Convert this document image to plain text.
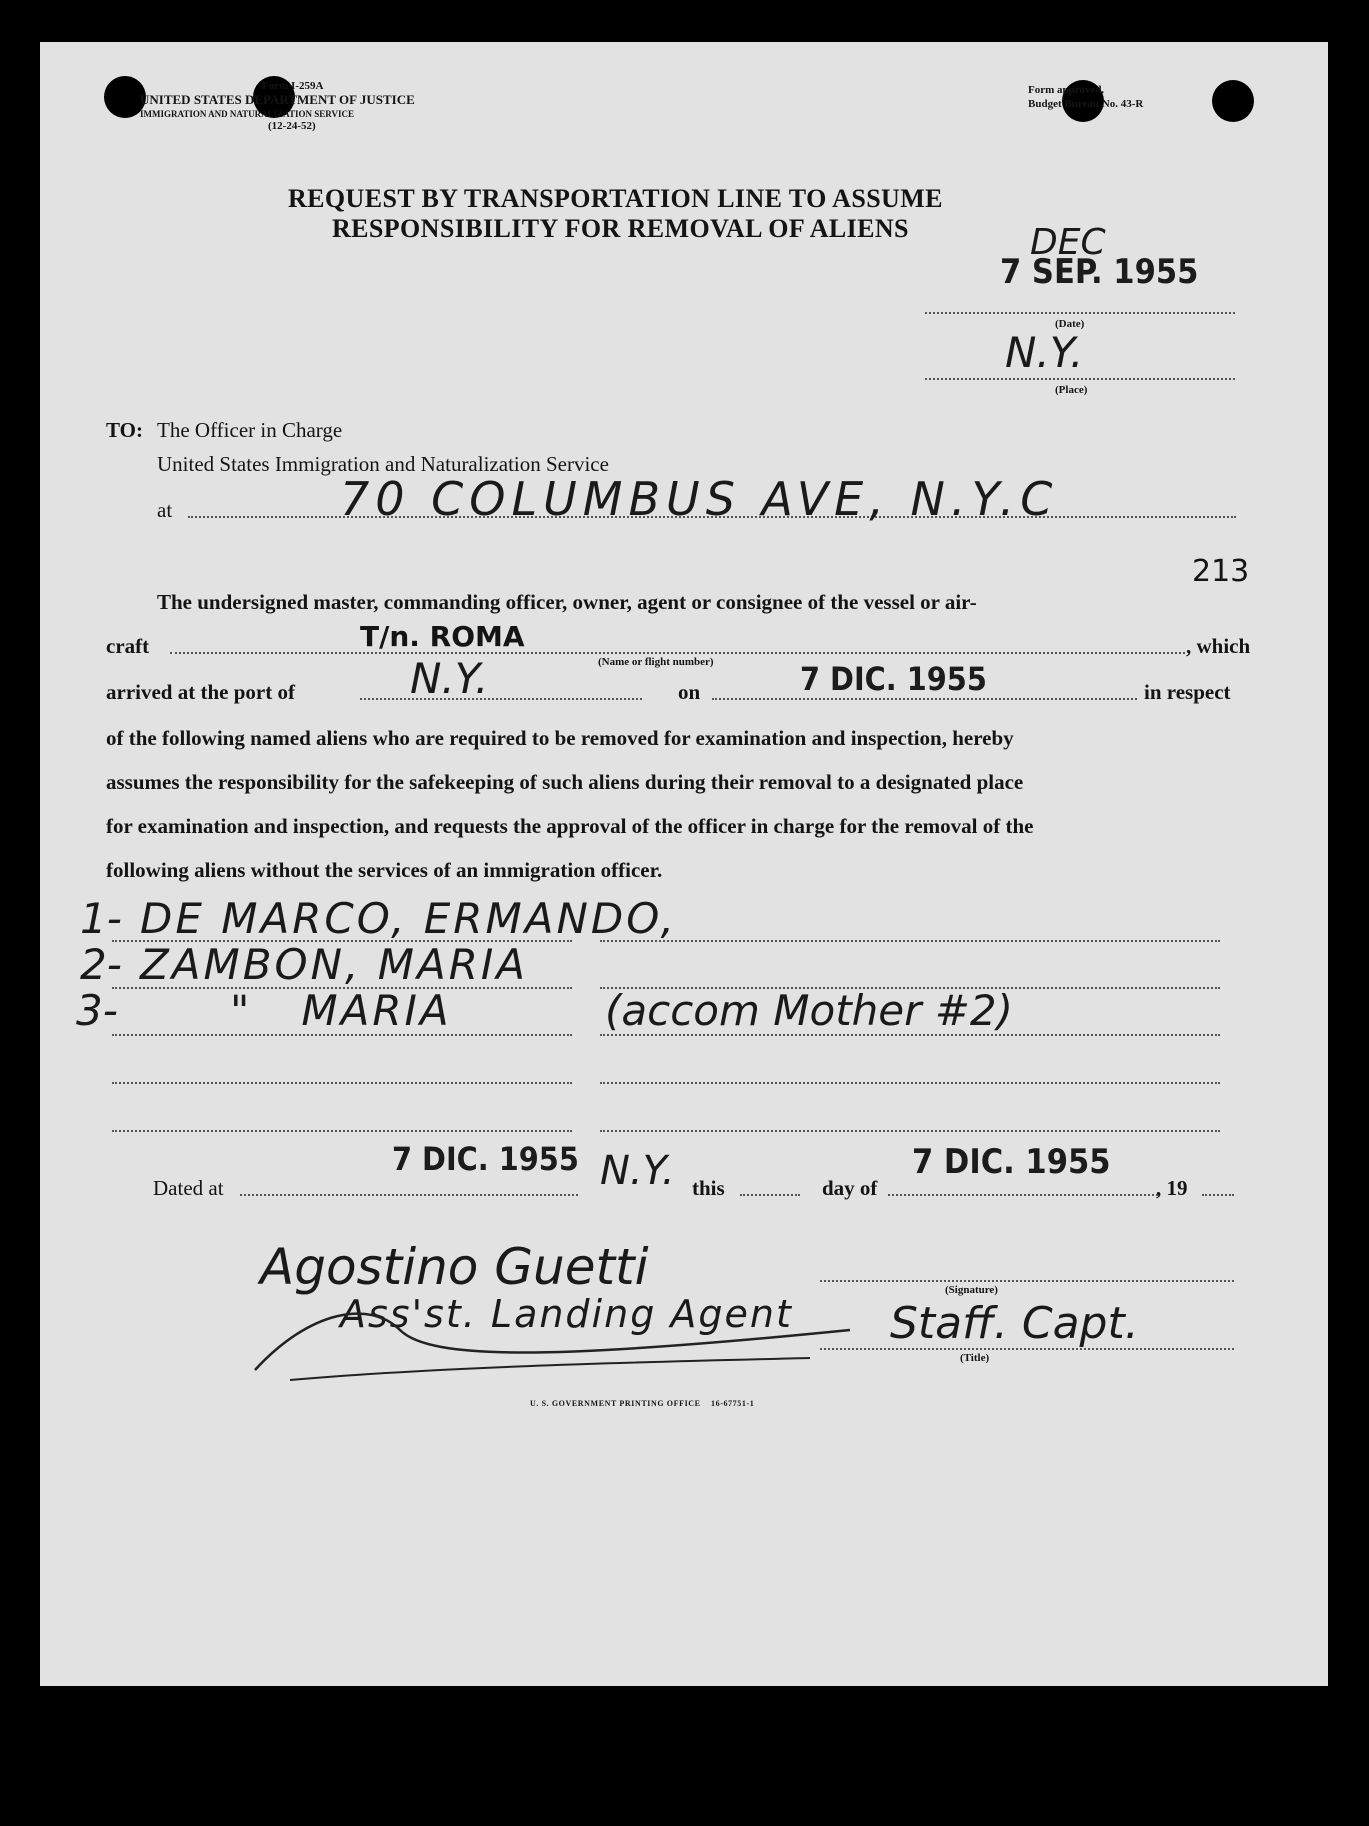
Form I-259A
UNITED STATES DEPARTMENT OF JUSTICE
IMMIGRATION AND NATURALIZATION SERVICE
(12-24-52)
Form approved.
Budget Bureau No. 43-R
REQUEST BY TRANSPORTATION LINE TO ASSUME
RESPONSIBILITY FOR REMOVAL OF ALIENS	DEC
7 SEP. 1955
(Date)
N.Y.
(Place)
TO: The Officer in Charge
United States Immigration and Naturalization Service
at	70 COLUMBUS AVE, N.Y.C
213
The undersigned master, commanding officer, owner, agent or consignee of the vessel or air-
craft	T/n. ROMA	, which
(Name or flight number)
arrived at the port of	N.Y.	on	7 DIC. 1955	in respect
of the following named aliens who are required to be removed for examination and inspection, hereby
assumes the responsibility for the safekeeping of such aliens during their removal to a designated place
for examination and inspection, and requests the approval of the officer in charge for the removal of the
following aliens without the services of an immigration officer.
1- DE MARCO, ERMANDO,
2- ZAMBON, MARIA
3-	"   MARIA	(accom Mother #2)
Dated at
7 DIC. 1955 N.Y. this	day of
7 DIC. 1955
, 19
Agostino Guetti	(Signature)
Ass'st. Landing Agent Staff. Capt.
(Title)
U. S. GOVERNMENT PRINTING OFFICE    16-67751-1
